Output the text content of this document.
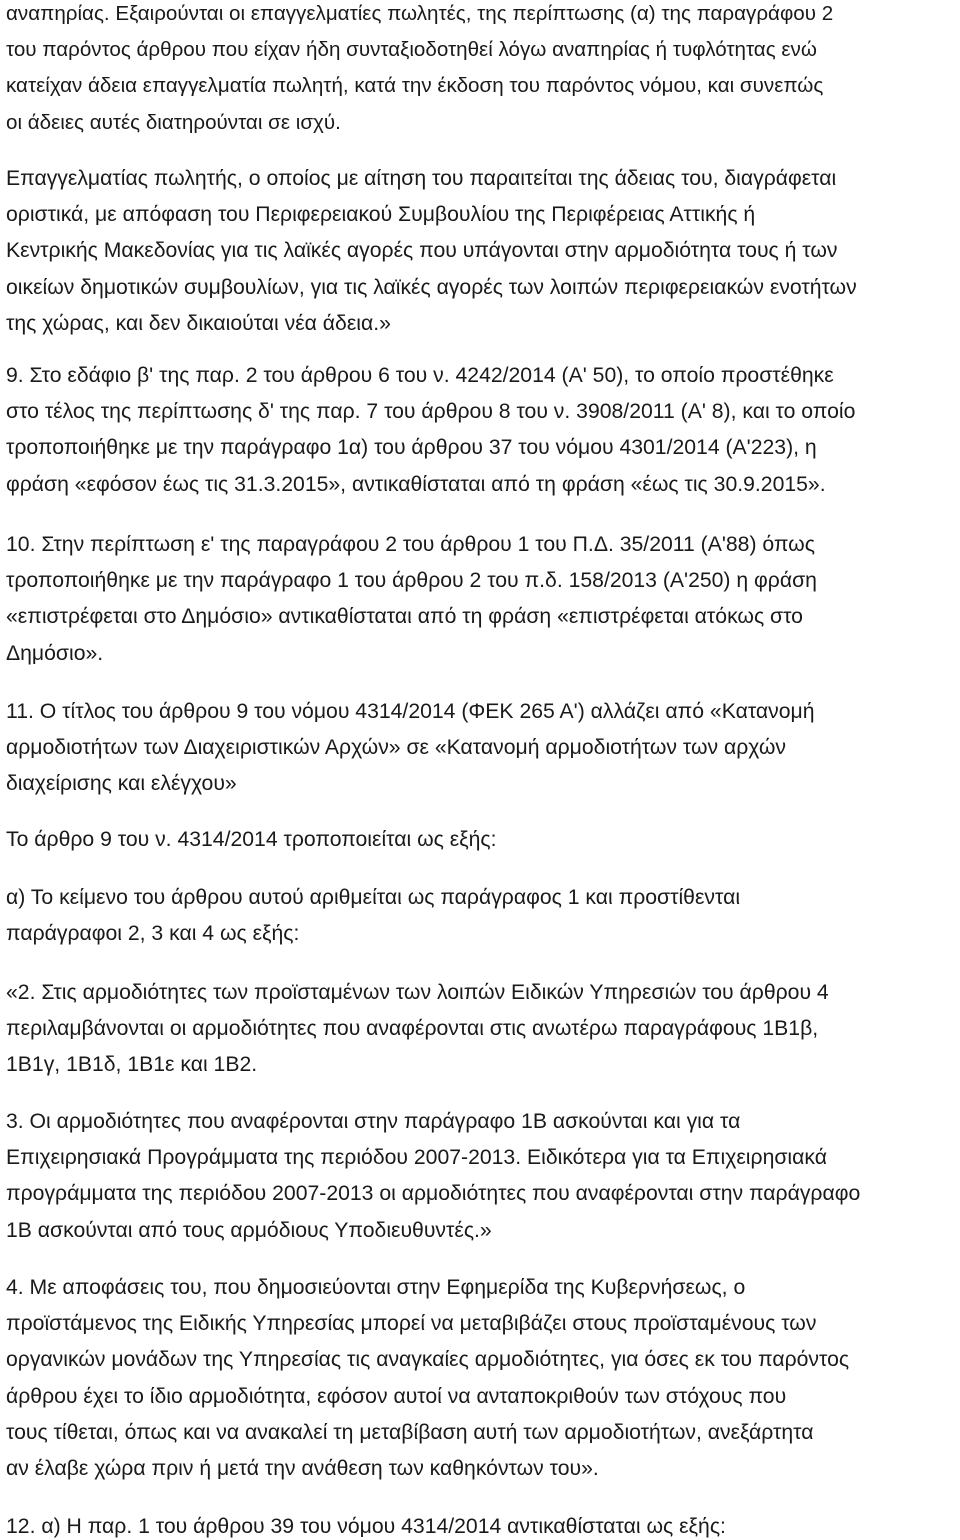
αναπηρίας. Εξαιρούνται οι επαγγελματίες πωλητές, της περίπτωσης (α) της παραγράφου 2
του παρόντος άρθρου που είχαν ήδη συνταξιοδοτηθεί λόγω αναπηρίας ή τυφλότητας ενώ
κατείχαν άδεια επαγγελματία πωλητή, κατά την έκδοση του παρόντος νόμου, και συνεπώς
οι άδειες αυτές διατηρούνται σε ισχύ.

Επαγγελματίας πωλητής, ο οποίος με αίτηση του παραιτείται της άδειας του, διαγράφεται
οριστικά, με απόφαση του Περιφερειακού Συμβουλίου της Περιφέρειας Αττικής ή
Κεντρικής Μακεδονίας για τις λαϊκές αγορές που υπάγονται στην αρμοδιότητα τους ή των
οικείων δημοτικών συμβουλίων, για τις λαϊκές αγορές των λοιπών περιφερειακών ενοτήτων
της χώρας, και δεν δικαιούται νέα άδεια.»

9. Στο εδάφιο β' της παρ. 2 του άρθρου 6 του ν. 4242/2014 (Α' 50), το οποίο προστέθηκε
στο τέλος της περίπτωσης δ' της παρ. 7 του άρθρου 8 του ν. 3908/2011 (Α' 8), και το οποίο
τροποποιήθηκε με την παράγραφο 1α) του άρθρου 37 του νόμου 4301/2014 (Α'223), η
φράση «εφόσον έως τις 31.3.2015», αντικαθίσταται από τη φράση «έως τις 30.9.2015».

10. Στην περίπτωση ε' της παραγράφου 2 του άρθρου 1 του Π.Δ. 35/2011 (Α'88) όπως
τροποποιήθηκε με την παράγραφο 1 του άρθρου 2 του π.δ. 158/2013 (Α'250) η φράση
«επιστρέφεται στο Δημόσιο» αντικαθίσταται από τη φράση «επιστρέφεται ατόκως στο
Δημόσιο».

11. Ο τίτλος του άρθρου 9 του νόμου 4314/2014 (ΦΕΚ 265 Α') αλλάζει από «Κατανομή
αρμοδιοτήτων των Διαχειριστικών Αρχών» σε «Κατανομή αρμοδιοτήτων των αρχών
διαχείρισης και ελέγχου»

Το άρθρο 9 του ν. 4314/2014 τροποποιείται ως εξής:

α) Το κείμενο του άρθρου αυτού αριθμείται ως παράγραφος 1 και προστίθενται
παράγραφοι 2, 3 και 4 ως εξής:

«2. Στις αρμοδιότητες των προϊσταμένων των λοιπών Ειδικών Υπηρεσιών του άρθρου 4
περιλαμβάνονται οι αρμοδιότητες που αναφέρονται στις ανωτέρω παραγράφους 1Β1β,
1Β1γ, 1Β1δ, 1Β1ε και 1Β2.

3. Οι αρμοδιότητες που αναφέρονται στην παράγραφο 1Β ασκούνται και για τα
Επιχειρησιακά Προγράμματα της περιόδου 2007-2013. Ειδικότερα για τα Επιχειρησιακά
προγράμματα της περιόδου 2007-2013 οι αρμοδιότητες που αναφέρονται στην παράγραφο
1Β ασκούνται από τους αρμόδιους Υποδιευθυντές.»

4. Με αποφάσεις του, που δημοσιεύονται στην Εφημερίδα της Κυβερνήσεως, ο
προϊστάμενος της Ειδικής Υπηρεσίας μπορεί να μεταβιβάζει στους προϊσταμένους των
οργανικών μονάδων της Υπηρεσίας τις αναγκαίες αρμοδιότητες, για όσες εκ του παρόντος
άρθρου έχει το ίδιο αρμοδιότητα, εφόσον αυτοί να ανταποκριθούν των στόχους που
τους τίθεται, όπως και να ανακαλεί τη μεταβίβαση αυτή των αρμοδιοτήτων, ανεξάρτητα
αν έλαβε χώρα πριν ή μετά την ανάθεση των καθηκόντων του».

12. α) Η παρ. 1 του άρθρου 39 του νόμου 4314/2014 αντικαθίσταται ως εξής:
